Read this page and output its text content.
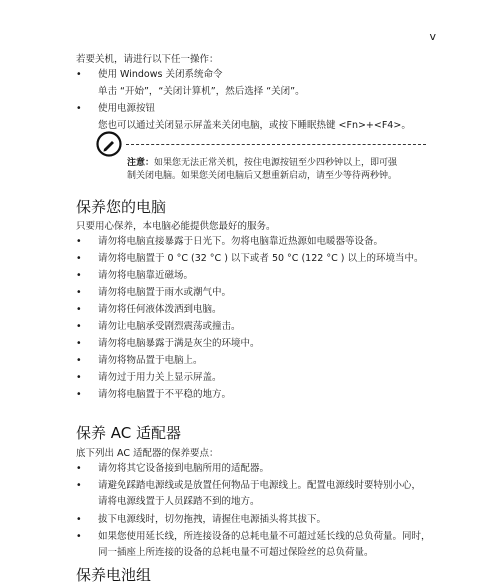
v
若要关机，请进行以下任一操作：
• 使用 Windows 关闭系统命令
单击 “开始”，“关闭计算机”，然后选择 “关闭”。
• 使用电源按钮
您也可以通过关闭显示屏盖来关闭电脑，或按下睡眠热键 <Fn>+<F4>。
注意：如果您无法正常关机，按住电源按钮至少四秒钟以上，即可强
制关闭电脑。如果您关闭电脑后又想重新启动，请至少等待两秒钟。
保养您的电脑
只要用心保养，本电脑必能提供您最好的服务。
• 请勿将电脑直接暴露于日光下。勿将电脑靠近热源如电暖器等设备。
• 请勿将电脑置于 0 °C (32 °C ) 以下或者 50 °C (122 °C ) 以上的环境当中。
• 请勿将电脑靠近磁场。
• 请勿将电脑置于雨水或潮气中。
• 请勿将任何液体泼洒到电脑。
• 请勿让电脑承受剧烈震荡或撞击。
• 请勿将电脑暴露于满是灰尘的环境中。
• 请勿将物品置于电脑上。
• 请勿过于用力关上显示屏盖。
• 请勿将电脑置于不平稳的地方。
保养 AC 适配器
底下列出 AC 适配器的保养要点：
•	请勿将其它设备接到电脑所用的适配器。
•	请避免踩踏电源线或是放置任何物品于电源线上。配置电源线时要特别小心，
请将电源线置于人员踩踏不到的地方。
•	拔下电源线时，切勿拖拽，请握住电源插头将其拔下。
•	如果您使用延长线，所连接设备的总耗电量不可超过延长线的总负荷量。同时，
同一插座上所连接的设备的总耗电量不可超过保险丝的总负荷量。
保养电池组
